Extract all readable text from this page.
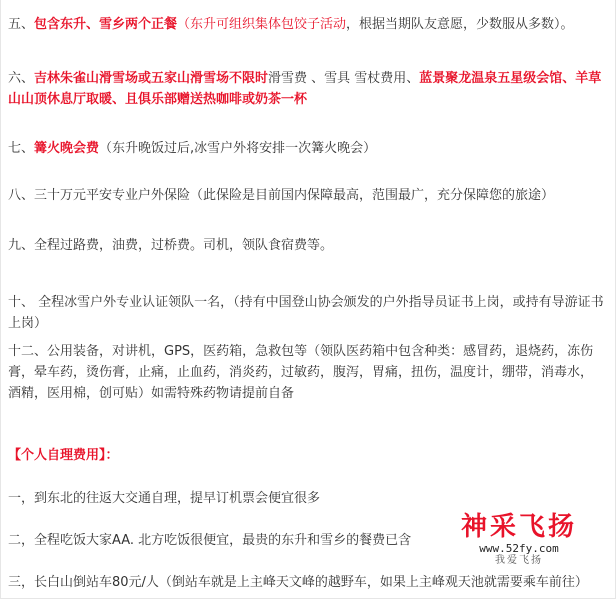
五、包含东升、雪乡两个正餐（东升可组织集体包饺子活动，根据当期队友意愿，少数服从多数）。
六、吉林朱雀山滑雪场或五家山滑雪场不限时滑雪费 、雪具 雪杖费用、蓝景聚龙温泉五星级会馆、羊草山山顶休息厅取暖、且俱乐部赠送热咖啡或奶茶一杯
七、篝火晚会费（东升晚饭过后,冰雪户外将安排一次篝火晚会）
八、三十万元平安专业户外保险（此保险是目前国内保障最高，范围最广，充分保障您的旅途）
九、全程过路费，油费，过桥费。司机，领队食宿费等。
十、 全程冰雪户外专业认证领队一名，（持有中国登山协会颁发的户外指导员证书上岗，或持有导游证书上岗）
十二、公用装备，对讲机，GPS，医药箱，急救包等（领队医药箱中包含种类：感冒药，退烧药，冻伤膏，晕车药，烫伤膏，止痛，止血药，消炎药，过敏药，腹泻，胃痛，扭伤，温度计，绷带，消毒水，酒精，医用棉，创可贴）如需特殊药物请提前自备
【个人自理费用】：
一，到东北的往返大交通自理，提早订机票会便宜很多
二，全程吃饭大家AA. 北方吃饭很便宜，最贵的东升和雪乡的餐费已含
三，长白山倒站车80元/人（倒站车就是上主峰天文峰的越野车，如果上主峰观天池就需要乘车前往）
神采飞扬
www.52fy.com
我爱飞扬
